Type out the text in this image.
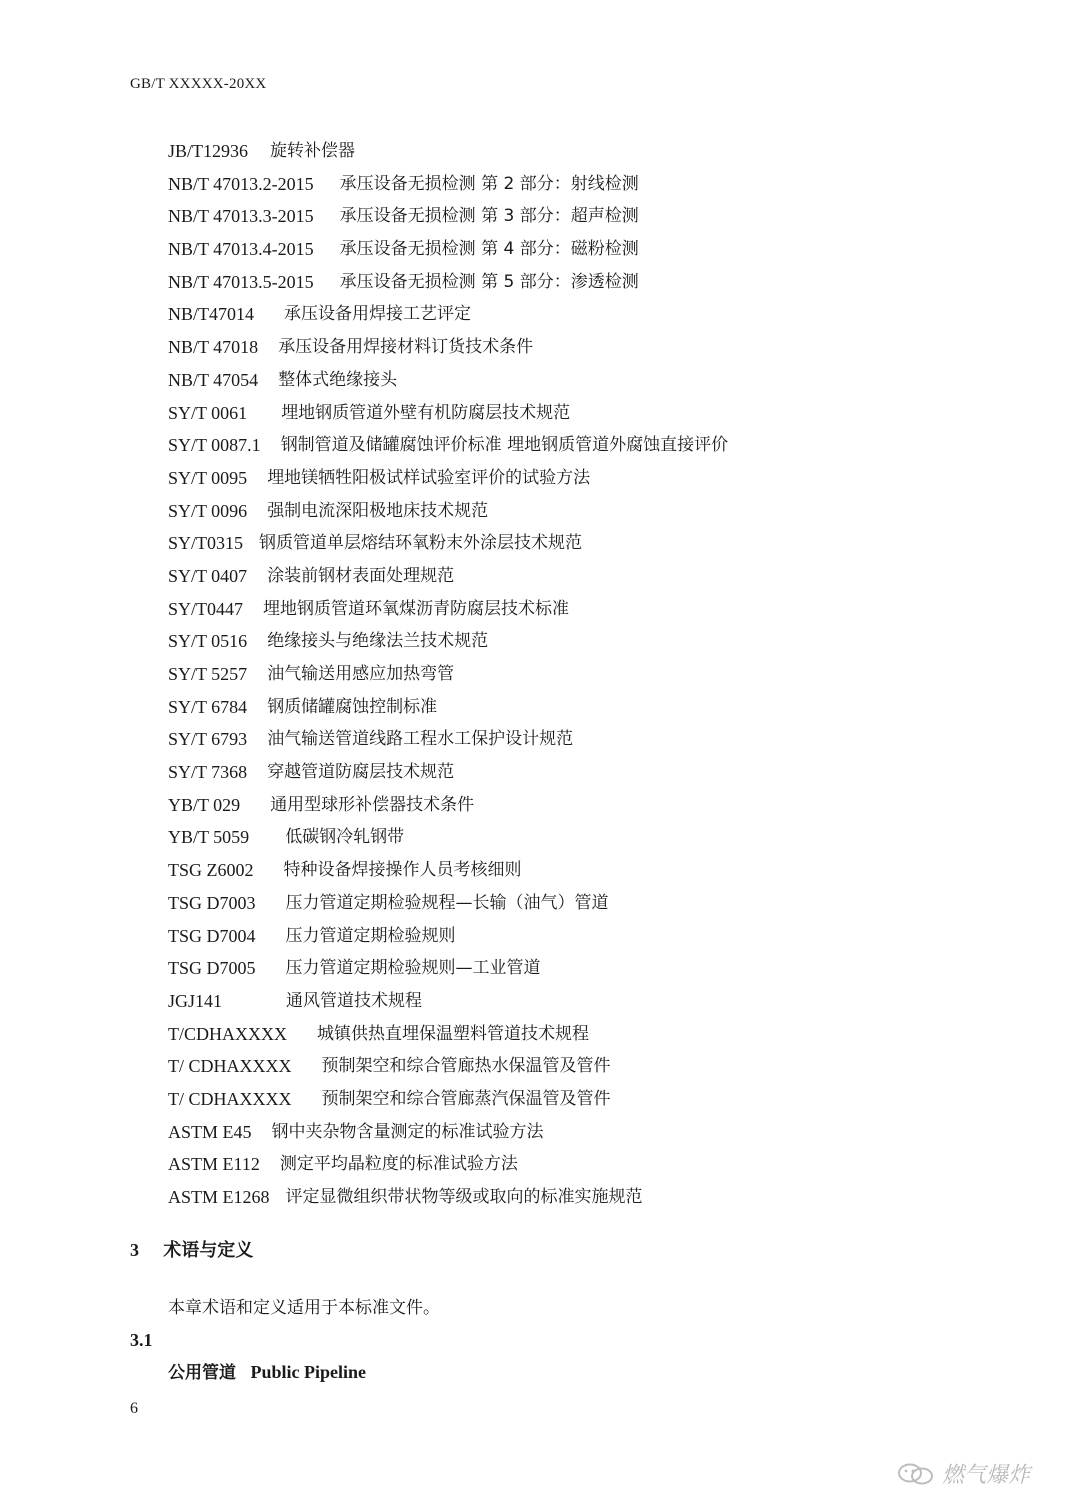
GB/T XXXXX-20XX
JB/T12936 旋转补偿器
NB/T 47013.2-2015 承压设备无损检测 第 2 部分：射线检测
NB/T 47013.3-2015 承压设备无损检测 第 3 部分：超声检测
NB/T 47013.4-2015 承压设备无损检测 第 4 部分：磁粉检测
NB/T 47013.5-2015 承压设备无损检测 第 5 部分：渗透检测
NB/T47014 承压设备用焊接工艺评定
NB/T 47018 承压设备用焊接材料订货技术条件
NB/T 47054 整体式绝缘接头
SY/T 0061 埋地钢质管道外壁有机防腐层技术规范
SY/T 0087.1 钢制管道及储罐腐蚀评价标准 埋地钢质管道外腐蚀直接评价
SY/T 0095 埋地镁牺牲阳极试样试验室评价的试验方法
SY/T 0096 强制电流深阳极地床技术规范
SY/T0315 钢质管道单层熔结环氧粉末外涂层技术规范
SY/T 0407 涂装前钢材表面处理规范
SY/T0447 埋地钢质管道环氧煤沥青防腐层技术标准
SY/T 0516 绝缘接头与绝缘法兰技术规范
SY/T 5257 油气输送用感应加热弯管
SY/T 6784 钢质储罐腐蚀控制标准
SY/T 6793 油气输送管道线路工程水工保护设计规范
SY/T 7368 穿越管道防腐层技术规范
YB/T 029 通用型球形补偿器技术条件
YB/T 5059 低碳钢冷轧钢带
TSG Z6002 特种设备焊接操作人员考核细则
TSG D7003 压力管道定期检验规程—长输（油气）管道
TSG D7004 压力管道定期检验规则
TSG D7005 压力管道定期检验规则—工业管道
JGJ141	通风管道技术规程
T/CDHAXXXX 城镇供热直埋保温塑料管道技术规程
T/ CDHAXXXX 预制架空和综合管廊热水保温管及管件
T/ CDHAXXXX 预制架空和综合管廊蒸汽保温管及管件
ASTM E45 钢中夹杂物含量测定的标准试验方法
ASTM E112 测定平均晶粒度的标准试验方法
ASTM E1268 评定显微组织带状物等级或取向的标准实施规范
3 术语与定义
本章术语和定义适用于本标准文件。
3.1
公用管道 Public Pipeline
6
燃气爆炸
